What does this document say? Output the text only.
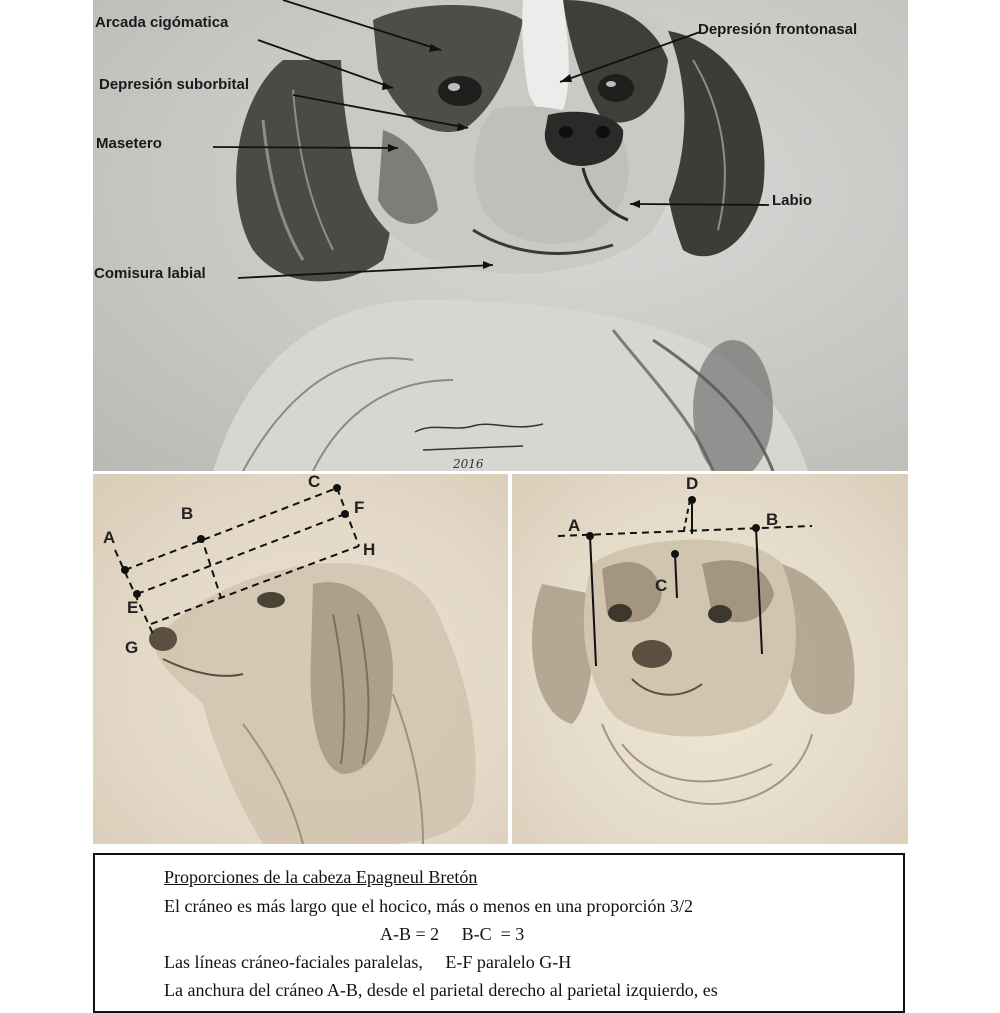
2016
Arcada cigómatica
Depresión suborbital
Masetero
Comisura labial
Depresión frontonasal
Labio
A
B
C
E
F
G
H
A	B
C
D
Proporciones de la cabeza Epagneul Bretón
El cráneo es más largo que el hocico, más o menos en una proporción 3/2
A-B = 2     B-C  = 3
Las líneas cráneo-faciales paralelas,     E-F paralelo G-H
La anchura del cráneo A-B, desde el parietal derecho al parietal izquierdo, es
